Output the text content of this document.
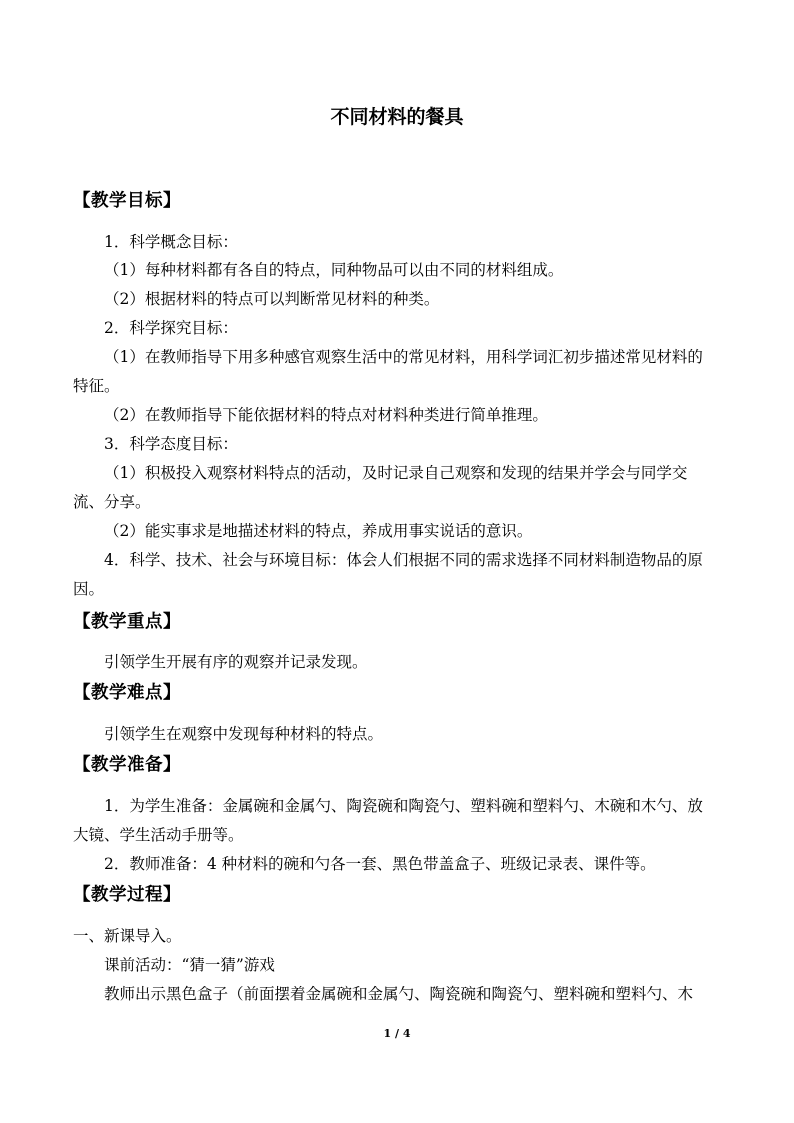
不同材料的餐具
【教学目标】
1．科学概念目标：
（1）每种材料都有各自的特点，同种物品可以由不同的材料组成。
（2）根据材料的特点可以判断常见材料的种类。
2．科学探究目标：
（1）在教师指导下用多种感官观察生活中的常见材料，用科学词汇初步描述常见材料的
特征。
（2）在教师指导下能依据材料的特点对材料种类进行简单推理。
3．科学态度目标：
（1）积极投入观察材料特点的活动，及时记录自己观察和发现的结果并学会与同学交
流、分享。
（2）能实事求是地描述材料的特点，养成用事实说话的意识。
4．科学、技术、社会与环境目标：体会人们根据不同的需求选择不同材料制造物品的原
因。
【教学重点】
引领学生开展有序的观察并记录发现。
【教学难点】
引领学生在观察中发现每种材料的特点。
【教学准备】
1．为学生准备：金属碗和金属勺、陶瓷碗和陶瓷勺、塑料碗和塑料勺、木碗和木勺、放
大镜、学生活动手册等。
2．教师准备：4 种材料的碗和勺各一套、黑色带盖盒子、班级记录表、课件等。
【教学过程】
一、新课导入。
课前活动：“猜一猜”游戏
教师出示黑色盒子（前面摆着金属碗和金属勺、陶瓷碗和陶瓷勺、塑料碗和塑料勺、木
1 / 4
